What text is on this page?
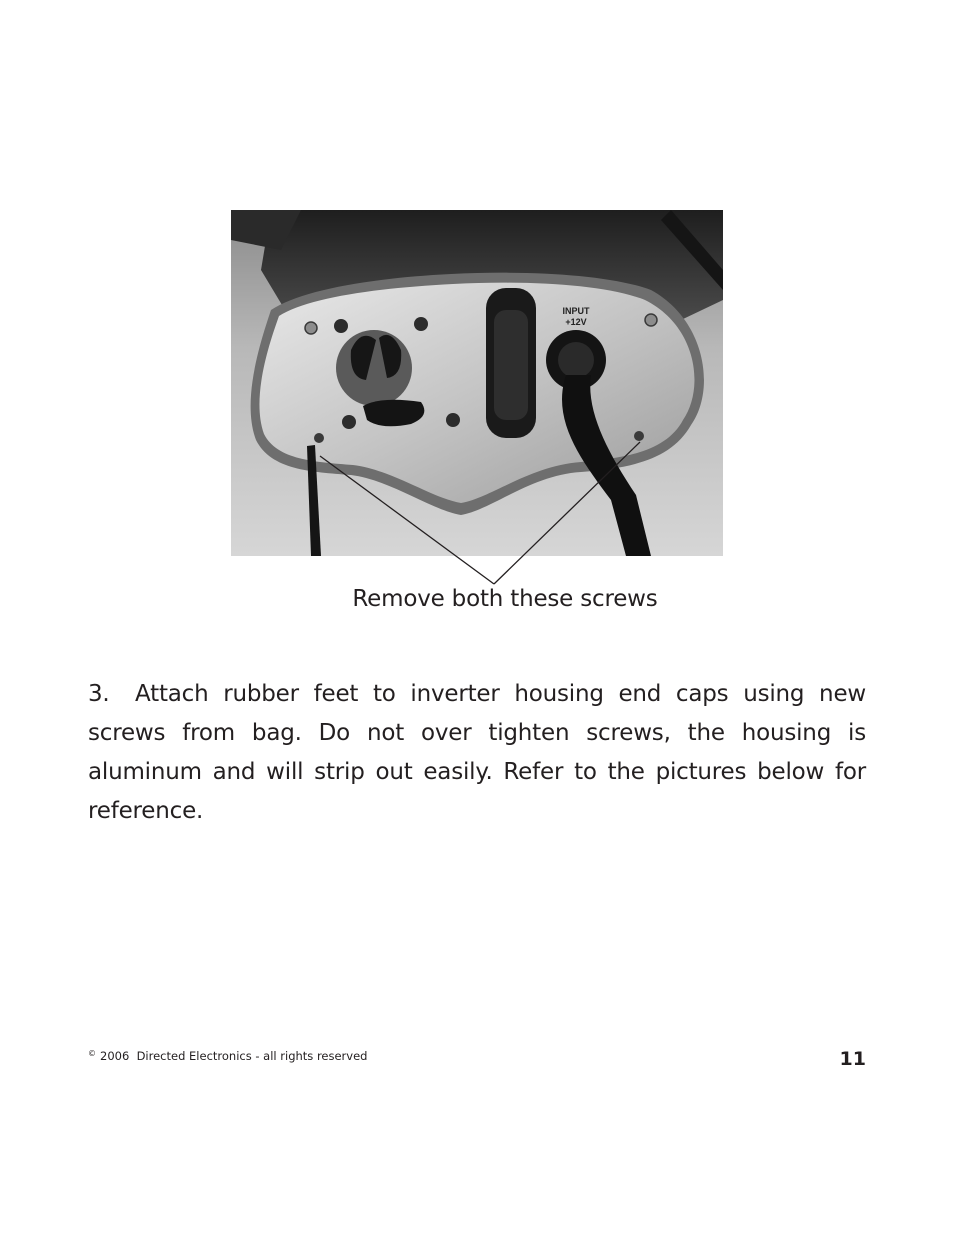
INPUT
+12V
Remove both these screws
3. Attach rubber feet to inverter housing end caps using new screws from bag. Do not over tighten screws, the housing is aluminum and will strip out easily. Refer to the pictures below for reference.
© 2006  Directed Electronics - all rights reserved	11
